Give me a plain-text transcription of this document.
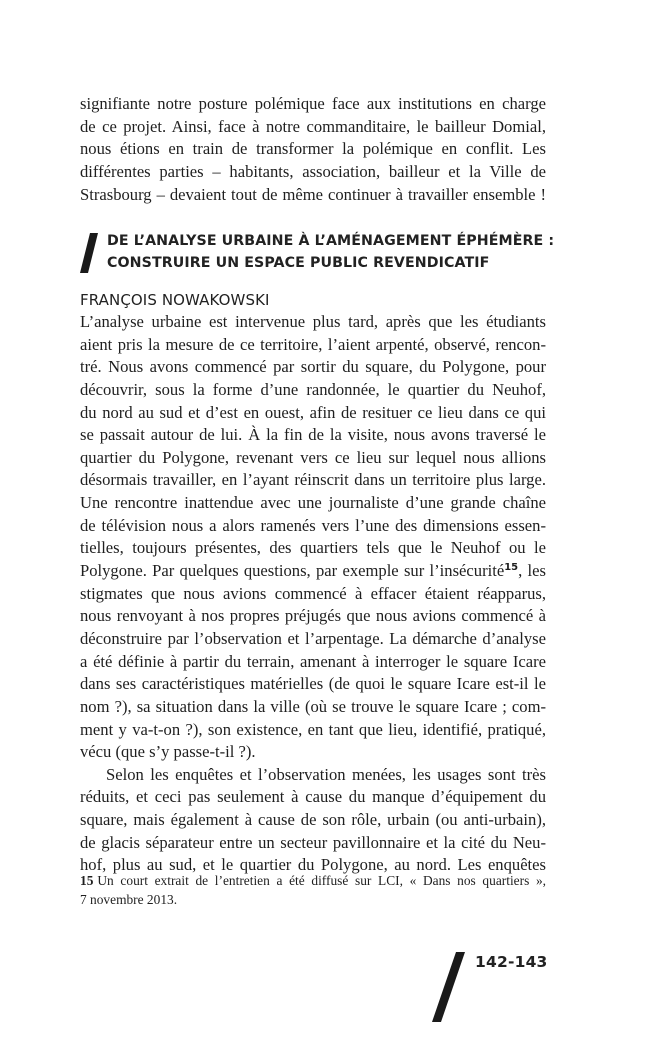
signifiante notre posture polémique face aux institutions en charge
de ce projet. Ainsi, face à notre commanditaire, le bailleur Domial,
nous étions en train de transformer la polémique en conflit. Les
différentes parties – habitants, association, bailleur et la Ville de
Strasbourg – devaient tout de même continuer à travailler ensemble !
DE L’ANALYSE URBAINE À L’AMÉNAGEMENT ÉPHÉMÈRE :
CONSTRUIRE UN ESPACE PUBLIC REVENDICATIF
FRANÇOIS NOWAKOWSKI
L’analyse urbaine est intervenue plus tard, après que les étudiants
aient pris la mesure de ce territoire, l’aient arpenté, observé, rencon-
tré. Nous avons commencé par sortir du square, du Polygone, pour
découvrir, sous la forme d’une randonnée, le quartier du Neuhof,
du nord au sud et d’est en ouest, afin de resituer ce lieu dans ce qui
se passait autour de lui. À la fin de la visite, nous avons traversé le
quartier du Polygone, revenant vers ce lieu sur lequel nous allions
désormais travailler, en l’ayant réinscrit dans un territoire plus large.
Une rencontre inattendue avec une journaliste d’une grande chaîne
de télévision nous a alors ramenés vers l’une des dimensions essen-
tielles, toujours présentes, des quartiers tels que le Neuhof ou le
Polygone. Par quelques questions, par exemple sur l’insécurité$^{15}$, les
stigmates que nous avions commencé à effacer étaient réapparus,
nous renvoyant à nos propres préjugés que nous avions commencé à
déconstruire par l’observation et l’arpentage. La démarche d’analyse
a été définie à partir du terrain, amenant à interroger le square Icare
dans ses caractéristiques matérielles (de quoi le square Icare est-il le
nom ?), sa situation dans la ville (où se trouve le square Icare ; com-
ment y va-t-on ?), son existence, en tant que lieu, identifié, pratiqué,
vécu (que s’y passe-t-il ?).
Selon les enquêtes et l’observation menées, les usages sont très
réduits, et ceci pas seulement à cause du manque d’équipement du
square, mais également à cause de son rôle, urbain (ou anti-urbain),
de glacis séparateur entre un secteur pavillonnaire et la cité du Neu-
hof, plus au sud, et le quartier du Polygone, au nord. Les enquêtes
15 Un court extrait de l’entretien a été diffusé sur LCI, « Dans nos quartiers »,
7 novembre 2013.
142-143
